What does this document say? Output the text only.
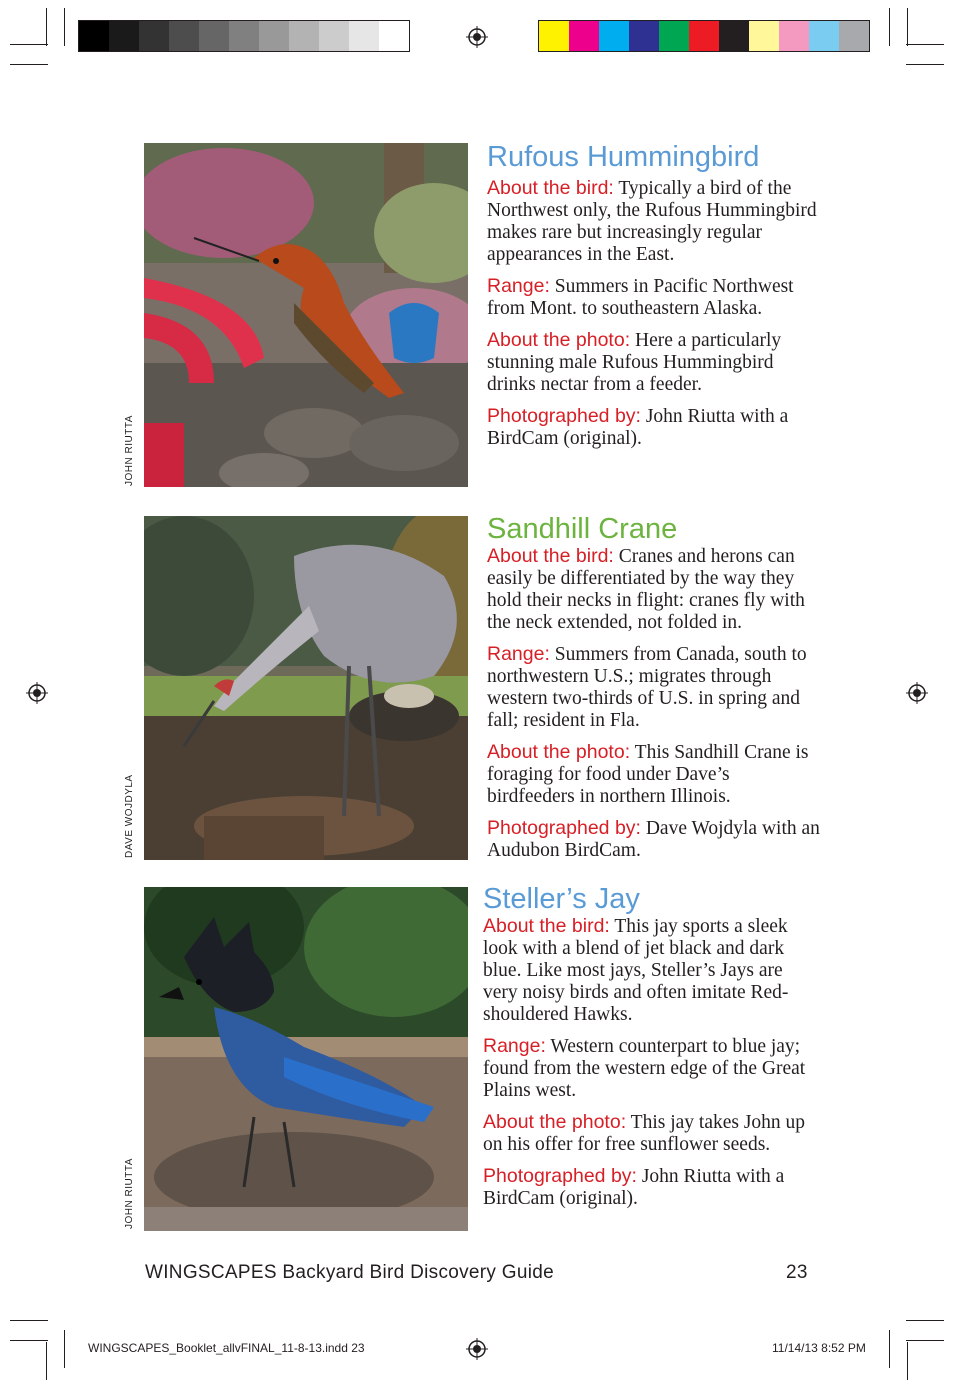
JOHN RIUTTA
DAVE WOJDYLA
JOHN RIUTTA
Rufous Hummingbird

About the bird: Typically a bird of the Northwest only, the Rufous Hummingbird makes rare but increasingly regular appearances in the East.

Range: Summers in Pacific Northwest from Mont. to southeastern Alaska.

About the photo: Here a particularly stunning male Rufous Hummingbird drinks nectar from a feeder.

Photographed by: John Riutta with a BirdCam (original).

Sandhill Crane

About the bird: Cranes and herons can easily be differentiated by the way they hold their necks in flight: cranes fly with the neck extended, not folded in.

Range: Summers from Canada, south to northwestern U.S.; migrates through western two-thirds of U.S. in spring and fall; resident in Fla.

About the photo: This Sandhill Crane is foraging for food under Dave’s birdfeeders in northern Illinois.

Photographed by: Dave Wojdyla with an Audubon BirdCam.

Steller’s Jay

About the bird: This jay sports a sleek look with a blend of jet black and dark blue. Like most jays, Steller’s Jays are very noisy birds and often imitate Red-shouldered Hawks.

Range: Western counterpart to blue jay; found from the western edge of the Great Plains west.

About the photo: This jay takes John up on his offer for free sunflower seeds.

Photographed by: John Riutta with a BirdCam (original).

WINGSCAPES Backyard Bird Discovery Guide	23
WINGSCAPES_Booklet_allvFINAL_11-8-13.indd 23	11/14/13 8:52 PM
